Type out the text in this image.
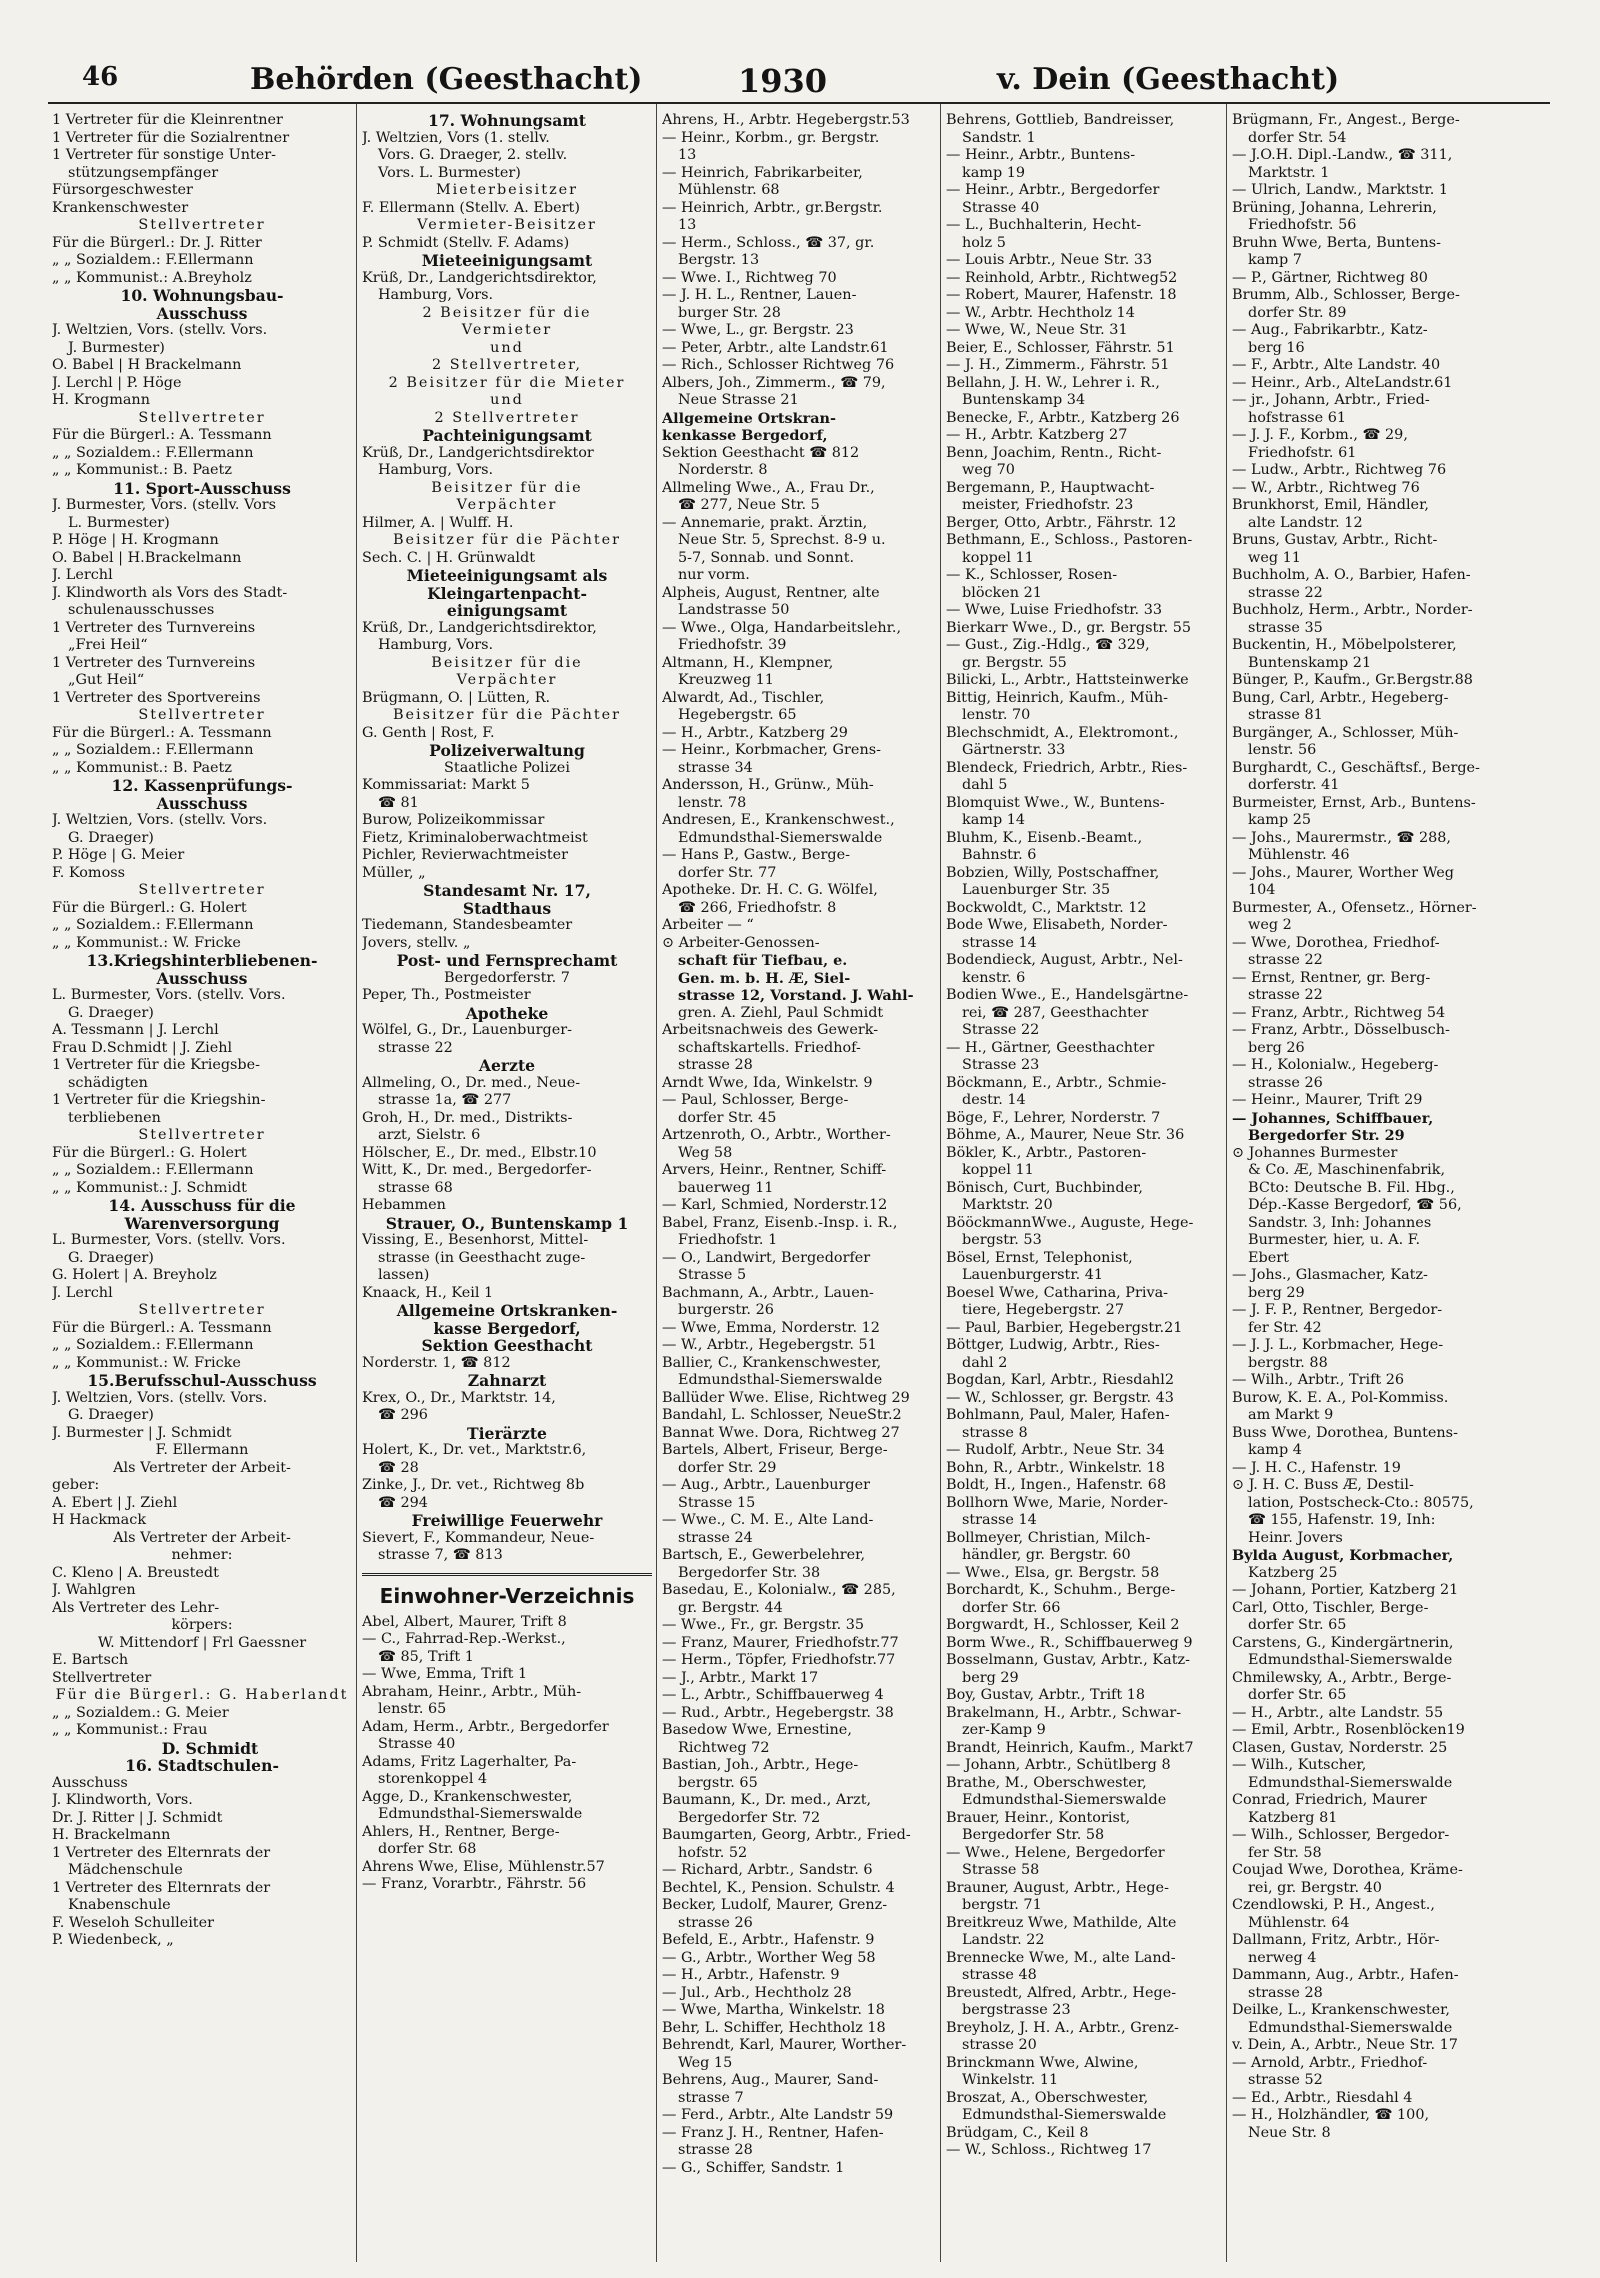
46	Behörden (Geesthacht)	1930	v. Dein (Geesthacht)
1 Vertreter für die Kleinrentner
1 Vertreter für die Sozialrentner
1 Vertreter für sonstige Unter-
stützungsempfänger
Fürsorgeschwester
Krankenschwester
Stellvertreter
Für die Bürgerl.: Dr. J. Ritter
„ „ Sozialdem.: F.Ellermann
„ „ Kommunist.: A.Breyholz
10. Wohnungsbau-
Ausschuss
J. Weltzien, Vors. (stellv. Vors.
J. Burmester)
O. Babel | H Brackelmann
J. Lerchl | P. Höge
H. Krogmann
Stellvertreter
Für die Bürgerl.: A. Tessmann
„ „ Sozialdem.: F.Ellermann
„ „ Kommunist.: B. Paetz
11. Sport-Ausschuss
J. Burmester, Vors. (stellv. Vors
L. Burmester)
P. Höge | H. Krogmann
O. Babel | H.Brackelmann
J. Lerchl
J. Klindworth als Vors des Stadt-
schulenausschusses
1 Vertreter des Turnvereins
„Frei Heil“
1 Vertreter des Turnvereins
„Gut Heil“
1 Vertreter des Sportvereins
Stellvertreter
Für die Bürgerl.: A. Tessmann
„ „ Sozialdem.: F.Ellermann
„ „ Kommunist.: B. Paetz
12. Kassenprüfungs-
Ausschuss
J. Weltzien, Vors. (stellv. Vors.
G. Draeger)
P. Höge | G. Meier
F. Komoss
Stellvertreter
Für die Bürgerl.: G. Holert
„ „ Sozialdem.: F.Ellermann
„ „ Kommunist.: W. Fricke
13.Kriegshinterbliebenen-
Ausschuss
L. Burmester, Vors. (stellv. Vors.
G. Draeger)
A. Tessmann | J. Lerchl
Frau D.Schmidt | J. Ziehl
1 Vertreter für die Kriegsbe-
schädigten
1 Vertreter für die Kriegshin-
terbliebenen
Stellvertreter
Für die Bürgerl.: G. Holert
„ „ Sozialdem.: F.Ellermann
„ „ Kommunist.: J. Schmidt
14. Ausschuss für die
Warenversorgung
L. Burmester, Vors. (stellv. Vors.
G. Draeger)
G. Holert | A. Breyholz
J. Lerchl
Stellvertreter
Für die Bürgerl.: A. Tessmann
„ „ Sozialdem.: F.Ellermann
„ „ Kommunist.: W. Fricke
15.Berufsschul-Ausschuss
J. Weltzien, Vors. (stellv. Vors.
G. Draeger)
J. Burmester | J. Schmidt
F. Ellermann
Als Vertreter der Arbeit-
geber:
A. Ebert | J. Ziehl
H Hackmack
Als Vertreter der Arbeit-
nehmer:
C. Kleno | A. Breustedt
J. Wahlgren
Als Vertreter des Lehr-
körpers:
W. Mittendorf | Frl Gaessner
E. Bartsch
Stellvertreter
Für die Bürgerl.: G. Haberlandt
„ „ Sozialdem.: G. Meier
„ „ Kommunist.: Frau
D. Schmidt
16. Stadtschulen-
Ausschuss
J. Klindworth, Vors.
Dr. J. Ritter | J. Schmidt
H. Brackelmann
1 Vertreter des Elternrats der
Mädchenschule
1 Vertreter des Elternrats der
Knabenschule
F. Weseloh Schulleiter
P. Wiedenbeck, „
17. Wohnungsamt
J. Weltzien, Vors (1. stellv.
Vors. G. Draeger, 2. stellv.
Vors. L. Burmester)
Mieterbeisitzer
F. Ellermann (Stellv. A. Ebert)
Vermieter-Beisitzer
P. Schmidt (Stellv. F. Adams)
Mieteeinigungsamt
Krüß, Dr., Landgerichtsdirektor,
Hamburg, Vors.
2 Beisitzer für die
Vermieter
und
2 Stellvertreter,
2 Beisitzer für die Mieter
und
2 Stellvertreter
Pachteinigungsamt
Krüß, Dr., Landgerichtsdirektor
Hamburg, Vors.
Beisitzer für die
Verpächter
Hilmer, A. | Wulff. H.
Beisitzer für die Pächter
Sech. C. | H. Grünwaldt
Mieteeinigungsamt als
Kleingartenpacht-
einigungsamt
Krüß, Dr., Landgerichtsdirektor,
Hamburg, Vors.
Beisitzer für die
Verpächter
Brügmann, O. | Lütten, R.
Beisitzer für die Pächter
G. Genth | Rost, F.
Polizeiverwaltung
Staatliche Polizei
Kommissariat: Markt 5
☎ 81
Burow, Polizeikommissar
Fietz, Kriminaloberwachtmeist
Pichler, Revierwachtmeister
Müller, „
Standesamt Nr. 17,
Stadthaus
Tiedemann, Standesbeamter
Jovers, stellv. „
Post- und Fernsprechamt
Bergedorferstr. 7
Peper, Th., Postmeister
Apotheke
Wölfel, G., Dr., Lauenburger-
strasse 22
Aerzte
Allmeling, O., Dr. med., Neue-
strasse 1a, ☎ 277
Groh, H., Dr. med., Distrikts-
arzt, Sielstr. 6
Hölscher, E., Dr. med., Elbstr.10
Witt, K., Dr. med., Bergedorfer-
strasse 68
Hebammen
Strauer, O., Buntenskamp 1
Vissing, E., Besenhorst, Mittel-
strasse (in Geesthacht zuge-
lassen)
Knaack, H., Keil 1
Allgemeine Ortskranken-
kasse Bergedorf,
Sektion Geesthacht
Norderstr. 1, ☎ 812
Zahnarzt
Krex, O., Dr., Marktstr. 14,
☎ 296
Tierärzte
Holert, K., Dr. vet., Marktstr.6,
☎ 28
Zinke, J., Dr. vet., Richtweg 8b
☎ 294
Freiwillige Feuerwehr
Sievert, F., Kommandeur, Neue-
strasse 7, ☎ 813
Einwohner-Verzeichnis
Abel, Albert, Maurer, Trift 8
— C., Fahrrad-Rep.-Werkst.,
☎ 85, Trift 1
— Wwe, Emma, Trift 1
Abraham, Heinr., Arbtr., Müh-
lenstr. 65
Adam, Herm., Arbtr., Bergedorfer
Strasse 40
Adams, Fritz Lagerhalter, Pa-
storenkoppel 4
Agge, D., Krankenschwester,
Edmundsthal-Siemerswalde
Ahlers, H., Rentner, Berge-
dorfer Str. 68
Ahrens Wwe, Elise, Mühlenstr.57
— Franz, Vorarbtr., Fährstr. 56
Ahrens, H., Arbtr. Hegebergstr.53
— Heinr., Korbm., gr. Bergstr.
13
— Heinrich, Fabrikarbeiter,
Mühlenstr. 68
— Heinrich, Arbtr., gr.Bergstr.
13
— Herm., Schloss., ☎ 37, gr.
Bergstr. 13
— Wwe. I., Richtweg 70
— J. H. L., Rentner, Lauen-
burger Str. 28
— Wwe, L., gr. Bergstr. 23
— Peter, Arbtr., alte Landstr.61
— Rich., Schlosser Richtweg 76
Albers, Joh., Zimmerm., ☎ 79,
Neue Strasse 21
Allgemeine Ortskran-
kenkasse Bergedorf,
Sektion Geesthacht ☎ 812
Norderstr. 8
Allmeling Wwe., A., Frau Dr.,
☎ 277, Neue Str. 5
— Annemarie, prakt. Ärztin,
Neue Str. 5, Sprechst. 8-9 u.
5-7, Sonnab. und Sonnt.
nur vorm.
Alpheis, August, Rentner, alte
Landstrasse 50
— Wwe., Olga, Handarbeitslehr.,
Friedhofstr. 39
Altmann, H., Klempner,
Kreuzweg 11
Alwardt, Ad., Tischler,
Hegebergstr. 65
— H., Arbtr., Katzberg 29
— Heinr., Korbmacher, Grens-
strasse 34
Andersson, H., Grünw., Müh-
lenstr. 78
Andresen, E., Krankenschwest.,
Edmundsthal-Siemerswalde
— Hans P., Gastw., Berge-
dorfer Str. 77
Apotheke. Dr. H. C. G. Wölfel,
☎ 266, Friedhofstr. 8
Arbeiter — “
⊙ Arbeiter-Genossen-
schaft für Tiefbau, e.
Gen. m. b. H. Æ, Siel-
strasse 12, Vorstand. J. Wahl-
gren. A. Ziehl, Paul Schmidt
Arbeitsnachweis des Gewerk-
schaftskartells. Friedhof-
strasse 28
Arndt Wwe, Ida, Winkelstr. 9
— Paul, Schlosser, Berge-
dorfer Str. 45
Artzenroth, O., Arbtr., Worther-
Weg 58
Arvers, Heinr., Rentner, Schiff-
bauerweg 11
— Karl, Schmied, Norderstr.12
Babel, Franz, Eisenb.-Insp. i. R.,
Friedhofstr. 1
— O., Landwirt, Bergedorfer
Strasse 5
Bachmann, A., Arbtr., Lauen-
burgerstr. 26
— Wwe, Emma, Norderstr. 12
— W., Arbtr., Hegebergstr. 51
Ballier, C., Krankenschwester,
Edmundsthal-Siemerswalde
Ballüder Wwe. Elise, Richtweg 29
Bandahl, L. Schlosser, NeueStr.2
Bannat Wwe. Dora, Richtweg 27
Bartels, Albert, Friseur, Berge-
dorfer Str. 29
— Aug., Arbtr., Lauenburger
Strasse 15
— Wwe., C. M. E., Alte Land-
strasse 24
Bartsch, E., Gewerbelehrer,
Bergedorfer Str. 38
Basedau, E., Kolonialw., ☎ 285,
gr. Bergstr. 44
— Wwe., Fr., gr. Bergstr. 35
— Franz, Maurer, Friedhofstr.77
— Herm., Töpfer, Friedhofstr.77
— J., Arbtr., Markt 17
— L., Arbtr., Schiffbauerweg 4
— Rud., Arbtr., Hegebergstr. 38
Basedow Wwe, Ernestine,
Richtweg 72
Bastian, Joh., Arbtr., Hege-
bergstr. 65
Baumann, K., Dr. med., Arzt,
Bergedorfer Str. 72
Baumgarten, Georg, Arbtr., Fried-
hofstr. 52
— Richard, Arbtr., Sandstr. 6
Bechtel, K., Pension. Schulstr. 4
Becker, Ludolf, Maurer, Grenz-
strasse 26
Befeld, E., Arbtr., Hafenstr. 9
— G., Arbtr., Worther Weg 58
— H., Arbtr., Hafenstr. 9
— Jul., Arb., Hechtholz 28
— Wwe, Martha, Winkelstr. 18
Behr, L. Schiffer, Hechtholz 18
Behrendt, Karl, Maurer, Worther-
Weg 15
Behrens, Aug., Maurer, Sand-
strasse 7
— Ferd., Arbtr., Alte Landstr 59
— Franz J. H., Rentner, Hafen-
strasse 28
— G., Schiffer, Sandstr. 1
Behrens, Gottlieb, Bandreisser,
Sandstr. 1
— Heinr., Arbtr., Buntens-
kamp 19
— Heinr., Arbtr., Bergedorfer
Strasse 40
— L., Buchhalterin, Hecht-
holz 5
— Louis Arbtr., Neue Str. 33
— Reinhold, Arbtr., Richtweg52
— Robert, Maurer, Hafenstr. 18
— W., Arbtr. Hechtholz 14
— Wwe, W., Neue Str. 31
Beier, E., Schlosser, Fährstr. 51
— J. H., Zimmerm., Fährstr. 51
Bellahn, J. H. W., Lehrer i. R.,
Buntenskamp 34
Benecke, F., Arbtr., Katzberg 26
— H., Arbtr. Katzberg 27
Benn, Joachim, Rentn., Richt-
weg 70
Bergemann, P., Hauptwacht-
meister, Friedhofstr. 23
Berger, Otto, Arbtr., Fährstr. 12
Bethmann, E., Schloss., Pastoren-
koppel 11
— K., Schlosser, Rosen-
blöcken 21
— Wwe, Luise Friedhofstr. 33
Bierkarr Wwe., D., gr. Bergstr. 55
— Gust., Zig.-Hdlg., ☎ 329,
gr. Bergstr. 55
Bilicki, L., Arbtr., Hattsteinwerke
Bittig, Heinrich, Kaufm., Müh-
lenstr. 70
Blechschmidt, A., Elektromont.,
Gärtnerstr. 33
Blendeck, Friedrich, Arbtr., Ries-
dahl 5
Blomquist Wwe., W., Buntens-
kamp 14
Bluhm, K., Eisenb.-Beamt.,
Bahnstr. 6
Bobzien, Willy, Postschaffner,
Lauenburger Str. 35
Bockwoldt, C., Marktstr. 12
Bode Wwe, Elisabeth, Norder-
strasse 14
Bodendieck, August, Arbtr., Nel-
kenstr. 6
Bodien Wwe., E., Handelsgärtne-
rei, ☎ 287, Geesthachter
Strasse 22
— H., Gärtner, Geesthachter
Strasse 23
Böckmann, E., Arbtr., Schmie-
destr. 14
Böge, F., Lehrer, Norderstr. 7
Böhme, A., Maurer, Neue Str. 36
Bökler, K., Arbtr., Pastoren-
koppel 11
Bönisch, Curt, Buchbinder,
Marktstr. 20
BööckmannWwe., Auguste, Hege-
bergstr. 53
Bösel, Ernst, Telephonist,
Lauenburgerstr. 41
Boesel Wwe, Catharina, Priva-
tiere, Hegebergstr. 27
— Paul, Barbier, Hegebergstr.21
Böttger, Ludwig, Arbtr., Ries-
dahl 2
Bogdan, Karl, Arbtr., Riesdahl2
— W., Schlosser, gr. Bergstr. 43
Bohlmann, Paul, Maler, Hafen-
strasse 8
— Rudolf, Arbtr., Neue Str. 34
Bohn, R., Arbtr., Winkelstr. 18
Boldt, H., Ingen., Hafenstr. 68
Bollhorn Wwe, Marie, Norder-
strasse 14
Bollmeyer, Christian, Milch-
händler, gr. Bergstr. 60
— Wwe., Elsa, gr. Bergstr. 58
Borchardt, K., Schuhm., Berge-
dorfer Str. 66
Borgwardt, H., Schlosser, Keil 2
Borm Wwe., R., Schiffbauerweg 9
Bosselmann, Gustav, Arbtr., Katz-
berg 29
Boy, Gustav, Arbtr., Trift 18
Brakelmann, H., Arbtr., Schwar-
zer-Kamp 9
Brandt, Heinrich, Kaufm., Markt7
— Johann, Arbtr., Schütlberg 8
Brathe, M., Oberschwester,
Edmundsthal-Siemerswalde
Brauer, Heinr., Kontorist,
Bergedorfer Str. 58
— Wwe., Helene, Bergedorfer
Strasse 58
Brauner, August, Arbtr., Hege-
bergstr. 71
Breitkreuz Wwe, Mathilde, Alte
Landstr. 22
Brennecke Wwe, M., alte Land-
strasse 48
Breustedt, Alfred, Arbtr., Hege-
bergstrasse 23
Breyholz, J. H. A., Arbtr., Grenz-
strasse 20
Brinckmann Wwe, Alwine,
Winkelstr. 11
Broszat, A., Oberschwester,
Edmundsthal-Siemerswalde
Brüdgam, C., Keil 8
— W., Schloss., Richtweg 17
Brügmann, Fr., Angest., Berge-
dorfer Str. 54
— J.O.H. Dipl.-Landw., ☎ 311,
Marktstr. 1
— Ulrich, Landw., Marktstr. 1
Brüning, Johanna, Lehrerin,
Friedhofstr. 56
Bruhn Wwe, Berta, Buntens-
kamp 7
— P., Gärtner, Richtweg 80
Brumm, Alb., Schlosser, Berge-
dorfer Str. 89
— Aug., Fabrikarbtr., Katz-
berg 16
— F., Arbtr., Alte Landstr. 40
— Heinr., Arb., AlteLandstr.61
— jr., Johann, Arbtr., Fried-
hofstrasse 61
— J. J. F., Korbm., ☎ 29,
Friedhofstr. 61
— Ludw., Arbtr., Richtweg 76
— W., Arbtr., Richtweg 76
Brunkhorst, Emil, Händler,
alte Landstr. 12
Bruns, Gustav, Arbtr., Richt-
weg 11
Buchholm, A. O., Barbier, Hafen-
strasse 22
Buchholz, Herm., Arbtr., Norder-
strasse 35
Buckentin, H., Möbelpolsterer,
Buntenskamp 21
Bünger, P., Kaufm., Gr.Bergstr.88
Bung, Carl, Arbtr., Hegeberg-
strasse 81
Burgänger, A., Schlosser, Müh-
lenstr. 56
Burghardt, C., Geschäftsf., Berge-
dorferstr. 41
Burmeister, Ernst, Arb., Buntens-
kamp 25
— Johs., Maurermstr., ☎ 288,
Mühlenstr. 46
— Johs., Maurer, Worther Weg
104
Burmester, A., Ofensetz., Hörner-
weg 2
— Wwe, Dorothea, Friedhof-
strasse 22
— Ernst, Rentner, gr. Berg-
strasse 22
— Franz, Arbtr., Richtweg 54
— Franz, Arbtr., Dösselbusch-
berg 26
— H., Kolonialw., Hegeberg-
strasse 26
— Heinr., Maurer, Trift 29
— Johannes, Schiffbauer,
Bergedorfer Str. 29
⊙ Johannes Burmester
& Co. Æ, Maschinenfabrik,
BCto: Deutsche B. Fil. Hbg.,
Dép.-Kasse Bergedorf, ☎ 56,
Sandstr. 3, Inh: Johannes
Burmester, hier, u. A. F.
Ebert
— Johs., Glasmacher, Katz-
berg 29
— J. F. P., Rentner, Bergedor-
fer Str. 42
— J. J. L., Korbmacher, Hege-
bergstr. 88
— Wilh., Arbtr., Trift 26
Burow, K. E. A., Pol-Kommiss.
am Markt 9
Buss Wwe, Dorothea, Buntens-
kamp 4
— J. H. C., Hafenstr. 19
⊙ J. H. C. Buss Æ, Destil-
lation, Postscheck-Cto.: 80575,
☎ 155, Hafenstr. 19, Inh:
Heinr. Jovers
Bylda August, Korbmacher,
Katzberg 25
— Johann, Portier, Katzberg 21
Carl, Otto, Tischler, Berge-
dorfer Str. 65
Carstens, G., Kindergärtnerin,
Edmundsthal-Siemerswalde
Chmilewsky, A., Arbtr., Berge-
dorfer Str. 65
— H., Arbtr., alte Landstr. 55
— Emil, Arbtr., Rosenblöcken19
Clasen, Gustav, Norderstr. 25
— Wilh., Kutscher,
Edmundsthal-Siemerswalde
Conrad, Friedrich, Maurer
Katzberg 81
— Wilh., Schlosser, Bergedor-
fer Str. 58
Coujad Wwe, Dorothea, Kräme-
rei, gr. Bergstr. 40
Czendlowski, P. H., Angest.,
Mühlenstr. 64
Dallmann, Fritz, Arbtr., Hör-
nerweg 4
Dammann, Aug., Arbtr., Hafen-
strasse 28
Deilke, L., Krankenschwester,
Edmundsthal-Siemerswalde
v. Dein, A., Arbtr., Neue Str. 17
— Arnold, Arbtr., Friedhof-
strasse 52
— Ed., Arbtr., Riesdahl 4
— H., Holzhändler, ☎ 100,
Neue Str. 8
